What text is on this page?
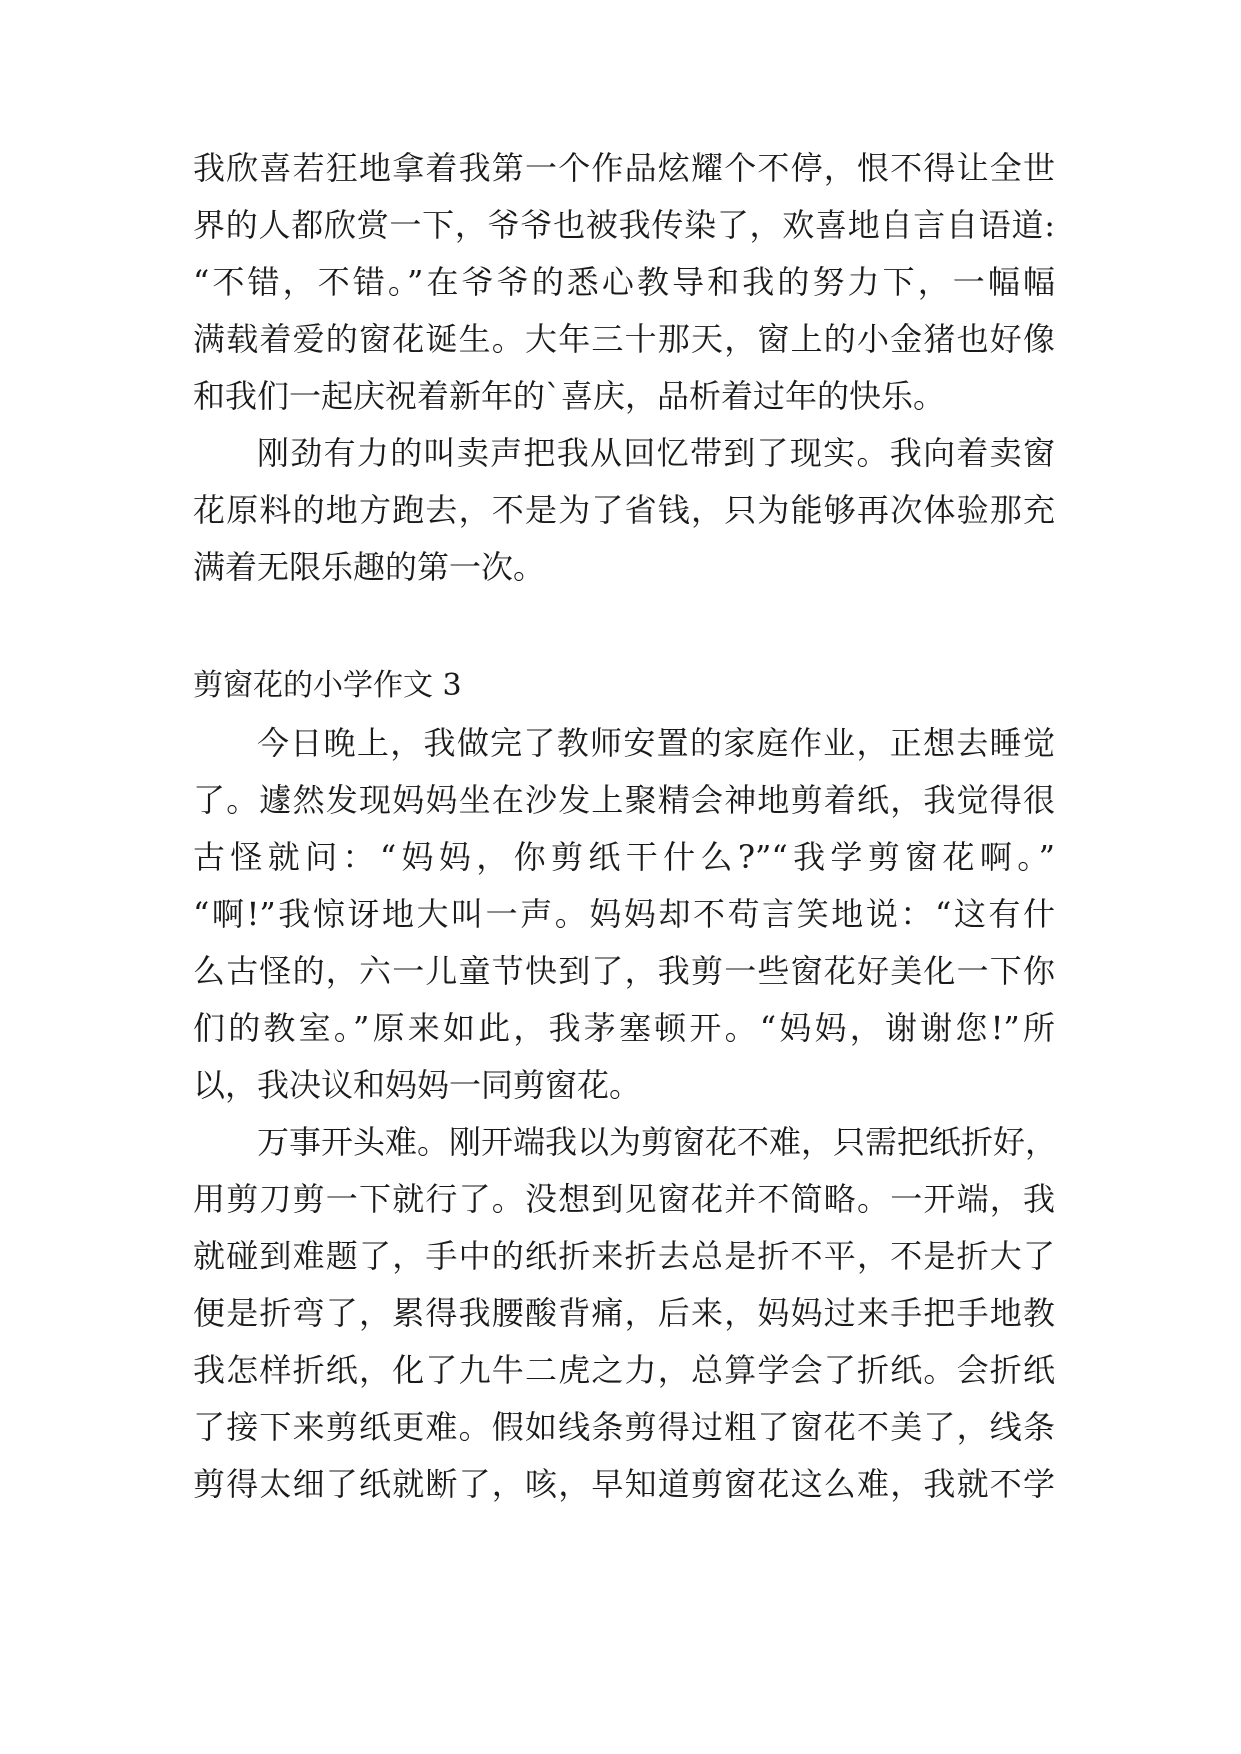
我欣喜若狂地拿着我第一个作品炫耀个不停，恨不得让全世
界的人都欣赏一下，爷爷也被我传染了，欢喜地自言自语道:
“不错，不错。”在爷爷的悉心教导和我的努力下，一幅幅
满载着爱的窗花诞生。大年三十那天，窗上的小金猪也好像
和我们一起庆祝着新年的`喜庆，品析着过年的快乐。
刚劲有力的叫卖声把我从回忆带到了现实。我向着卖窗
花原料的地方跑去，不是为了省钱，只为能够再次体验那充
满着无限乐趣的第一次。
剪窗花的小学作文 3
今日晚上，我做完了教师安置的家庭作业，正想去睡觉
了。遽然发现妈妈坐在沙发上聚精会神地剪着纸，我觉得很
古怪就问：“妈妈，你剪纸干什么?”“我学剪窗花啊。”
“啊!”我惊讶地大叫一声。妈妈却不苟言笑地说：“这有什
么古怪的，六一儿童节快到了，我剪一些窗花好美化一下你
们的教室。”原来如此，我茅塞顿开。“妈妈，谢谢您!”所
以，我决议和妈妈一同剪窗花。
万事开头难。刚开端我以为剪窗花不难，只需把纸折好，
用剪刀剪一下就行了。没想到见窗花并不简略。一开端，我
就碰到难题了，手中的纸折来折去总是折不平，不是折大了
便是折弯了，累得我腰酸背痛，后来，妈妈过来手把手地教
我怎样折纸，化了九牛二虎之力，总算学会了折纸。会折纸
了接下来剪纸更难。假如线条剪得过粗了窗花不美了，线条
剪得太细了纸就断了，咳，早知道剪窗花这么难，我就不学
